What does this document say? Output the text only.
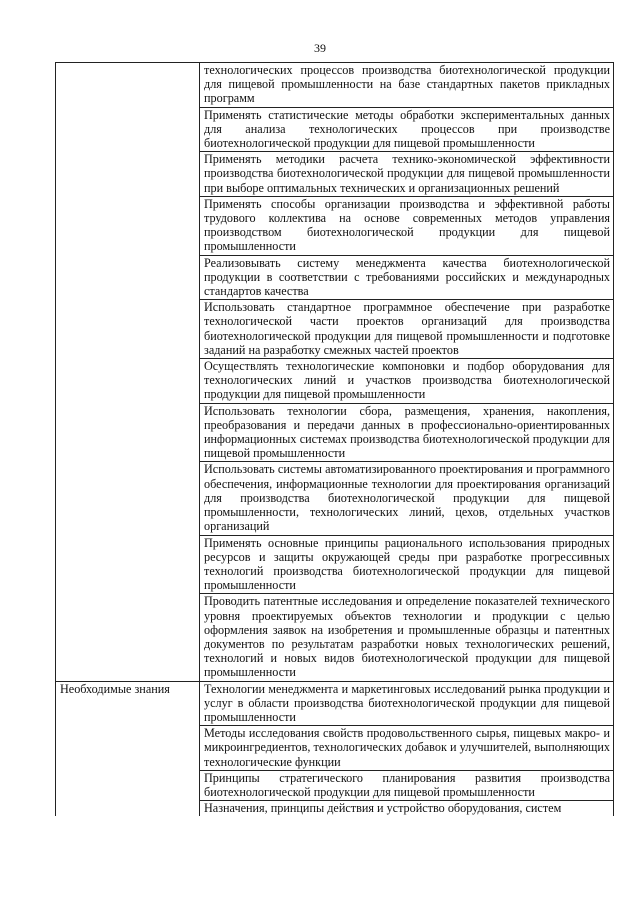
39
	технологических процессов производства биотехнологической продукции для пищевой промышленности на базе стандартных пакетов прикладных программ
	Применять статистические методы обработки экспериментальных данных для анализа технологических процессов при производстве биотехнологической продукции для пищевой промышленности
	Применять методики расчета технико-экономической эффективности производства биотехнологической продукции для пищевой промышленности при выборе оптимальных технических и организационных решений
	Применять способы организации производства и эффективной работы трудового коллектива на основе современных методов управления производством биотехнологической продукции для пищевой промышленности
	Реализовывать систему менеджмента качества биотехнологической продукции в соответствии с требованиями российских и международных стандартов качества
	Использовать стандартное программное обеспечение при разработке технологической части проектов организаций для производства биотехнологической продукции для пищевой промышленности и подготовке заданий на разработку смежных частей проектов
	Осуществлять технологические компоновки и подбор оборудования для технологических линий и участков производства биотехнологической продукции для пищевой промышленности
	Использовать технологии сбора, размещения, хранения, накопления, преобразования и передачи данных в профессионально-ориентированных информационных системах производства биотехнологической продукции для пищевой промышленности
	Использовать системы автоматизированного проектирования и программного обеспечения, информационные технологии для проектирования организаций для производства биотехнологической продукции для пищевой промышленности, технологических линий, цехов, отдельных участков организаций
	Применять основные принципы рационального использования природных ресурсов и защиты окружающей среды при разработке прогрессивных технологий производства биотехнологической продукции для пищевой промышленности
	Проводить патентные исследования и определение показателей технического уровня проектируемых объектов технологии и продукции с целью оформления заявок на изобретения и промышленные образцы и патентных документов по результатам разработки новых технологических решений, технологий и новых видов биотехнологической продукции для пищевой промышленности
Необходимые знания	Технологии менеджмента и маркетинговых исследований рынка продукции и услуг в области производства биотехнологической продукции для пищевой промышленности
	Методы исследования свойств продовольственного сырья, пищевых макро- и микроингредиентов, технологических добавок и улучшителей, выполняющих технологические функции
	Принципы стратегического планирования развития производства биотехнологической продукции для пищевой промышленности
	Назначения, принципы действия и устройство оборудования, систем
